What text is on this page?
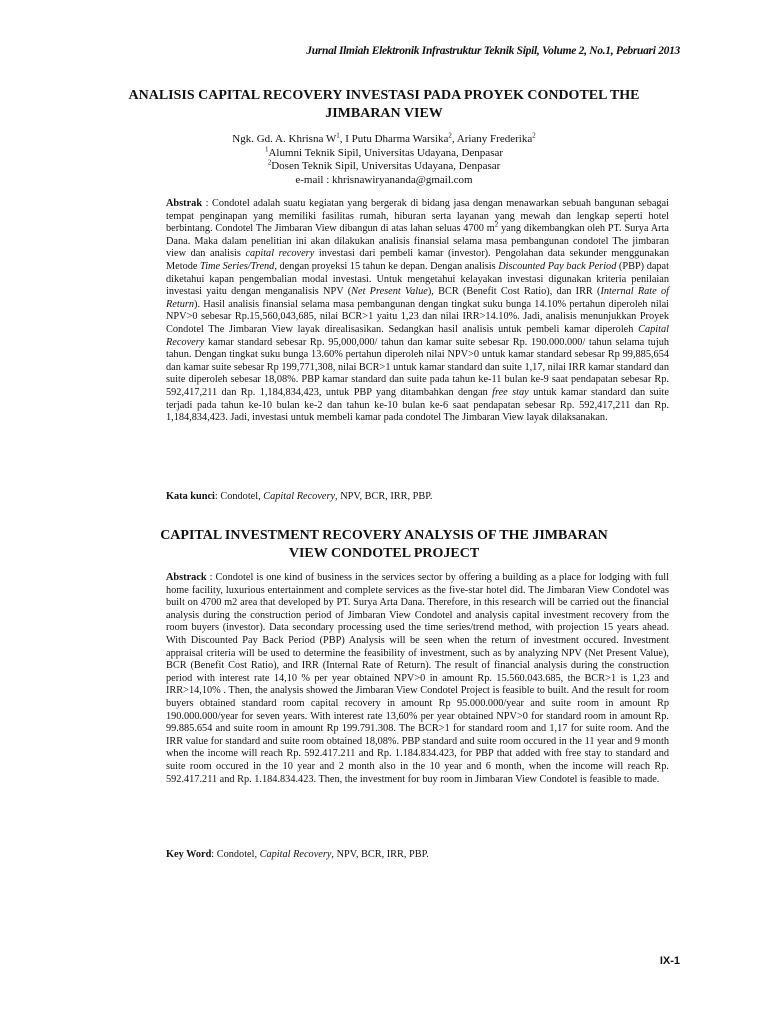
Jurnal Ilmiah Elektronik Infrastruktur Teknik Sipil, Volume 2, No.1, Pebruari 2013
ANALISIS CAPITAL RECOVERY INVESTASI PADA PROYEK CONDOTEL THE
JIMBARAN VIEW
Ngk. Gd. A. Khrisna $W^1$, I Putu Dharma Warsika$^2$, Ariany Frederika$^2$
$^1$Alumni Teknik Sipil, Universitas Udayana, Denpasar
$^2$Dosen Teknik Sipil, Universitas Udayana, Denpasar
e-mail : khrisnawiryananda@gmail.com
Abstrak : Condotel adalah suatu kegiatan yang bergerak di bidang jasa dengan menawarkan sebuah bangunan sebagai tempat penginapan yang memiliki fasilitas rumah, hiburan serta layanan yang mewah dan lengkap seperti hotel berbintang. Condotel The Jimbaran View dibangun di atas lahan seluas 4700 $m^2$ yang dikembangkan oleh PT. Surya Arta Dana. Maka dalam penelitian ini akan dilakukan analisis finansial selama masa pembangunan condotel The jimbaran view dan analisis capital recovery investasi dari pembeli kamar (investor). Pengolahan data sekunder menggunakan Metode Time Series/Trend, dengan proyeksi 15 tahun ke depan. Dengan analisis Discounted Pay back Period (PBP) dapat diketahui kapan pengembalian modal investasi. Untuk mengetahui kelayakan investasi digunakan kriteria penilaian investasi yaitu dengan menganalisis NPV (Net Present Value), BCR (Benefit Cost Ratio), dan IRR (Internal Rate of Return). Hasil analisis finansial selama masa pembangunan dengan tingkat suku bunga 14.10% pertahun diperoleh nilai NPV>0 sebesar Rp.15,560,043,685, nilai BCR>1 yaitu 1,23 dan nilai IRR>14.10%. Jadi, analisis menunjukkan Proyek Condotel The Jimbaran View layak direalisasikan. Sedangkan hasil analisis untuk pembeli kamar diperoleh Capital Recovery kamar standard sebesar Rp. 95,000,000/ tahun dan kamar suite sebesar Rp. 190.000.000/ tahun selama tujuh tahun. Dengan tingkat suku bunga 13.60% pertahun diperoleh nilai NPV>0 untuk kamar standard sebesar Rp 99,885,654 dan kamar suite sebesar Rp 199,771,308, nilai BCR>1 untuk kamar standard dan suite 1,17, nilai IRR kamar standard dan suite diperoleh sebesar 18,08%. PBP kamar standard dan suite pada tahun ke-11 bulan ke-9 saat pendapatan sebesar Rp. 592,417,211 dan Rp. 1,184,834,423, untuk PBP yang ditambahkan dengan free stay untuk kamar standard dan suite terjadi pada tahun ke-10 bulan ke-2 dan tahun ke-10 bulan ke-6 saat pendapatan sebesar Rp. 592,417,211 dan Rp. 1,184,834,423. Jadi, investasi untuk membeli kamar pada condotel The Jimbaran View layak dilaksanakan.
Kata kunci: Condotel, Capital Recovery, NPV, BCR, IRR, PBP.
CAPITAL INVESTMENT RECOVERY ANALYSIS OF THE JIMBARAN
VIEW CONDOTEL PROJECT
Abstrack : Condotel is one kind of business in the services sector by offering a building as a place for lodging with full home facility, luxurious entertainment and complete services as the five-star hotel did. The Jimbaran View Condotel was built on 4700 m2 area that developed by PT. Surya Arta Dana. Therefore, in this research will be carried out the financial analysis during the construction period of Jimbaran View Condotel and analysis capital investment recovery from the room buyers (investor). Data secondary processing used the time series/trend method, with projection 15 years ahead. With Discounted Pay Back Period (PBP) Analysis will be seen when the return of investment occured. Investment appraisal criteria will be used to determine the feasibility of investment, such as by analyzing NPV (Net Present Value), BCR (Benefit Cost Ratio), and IRR (Internal Rate of Return). The result of financial analysis during the construction period with interest rate 14,10 % per year obtained NPV>0 in amount Rp. 15.560.043.685, the BCR>1 is 1,23 and IRR>14,10% . Then, the analysis showed the Jimbaran View Condotel Project is feasible to built. And the result for room buyers obtained standard room capital recovery in amount Rp 95.000.000/year and suite room in amount Rp 190.000.000/year for seven years. With interest rate 13,60% per year obtained NPV>0 for standard room in amount Rp. 99.885.654 and suite room in amount Rp 199.791.308. The BCR>1 for standard room and 1,17 for suite room. And the IRR value for standard and suite room obtained 18,08%. PBP standard and suite room occured in the 11 year and 9 month when the income will reach Rp. 592.417.211 and Rp. 1.184.834.423, for PBP that added with free stay to standard and suite room occured in the 10 year and 2 month also in the 10 year and 6 month, when the income will reach Rp. 592.417.211 and Rp. 1.184.834.423. Then, the investment for buy room in Jimbaran View Condotel is feasible to made.
Key Word: Condotel, Capital Recovery, NPV, BCR, IRR, PBP.
IX-1
